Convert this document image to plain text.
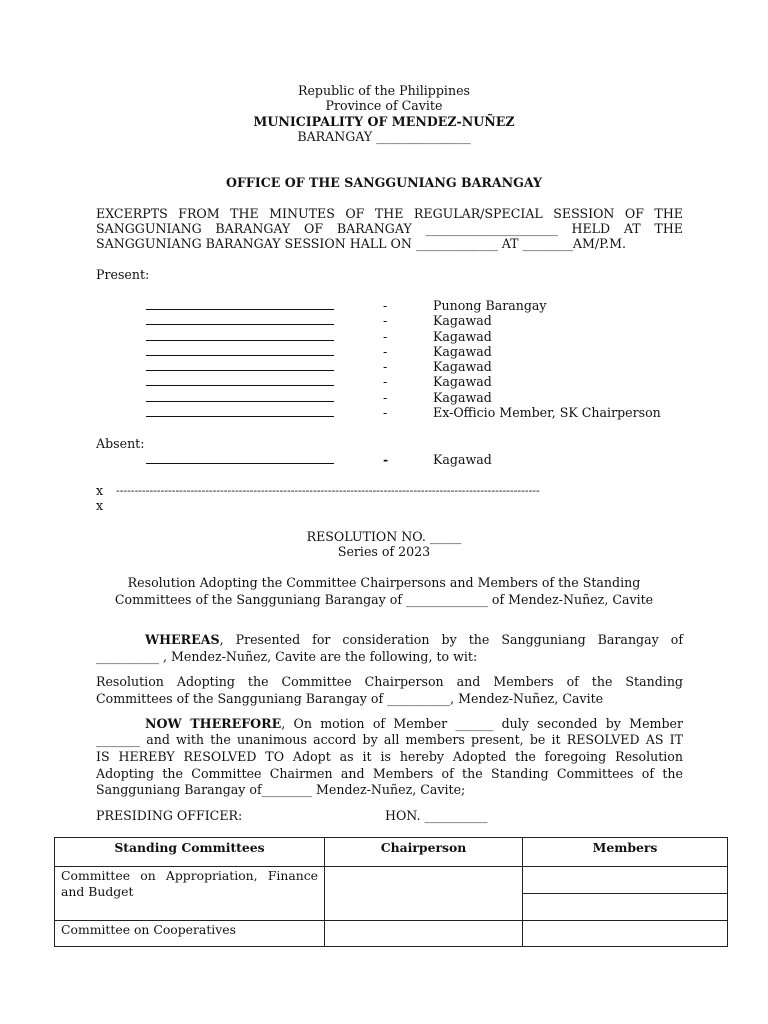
Republic of the Philippines
Province of Cavite
MUNICIPALITY OF MENDEZ-NUÑEZ
BARANGAY _______________
OFFICE OF THE SANGGUNIANG BARANGAY
EXCERPTS FROM THE MINUTES OF THE REGULAR/SPECIAL SESSION OF THE
SANGGUNIANG BARANGAY OF BARANGAY _____________________ HELD AT THE
SANGGUNIANG BARANGAY SESSION HALL ON _____________ AT ________AM/P.M.
Present:
-	Punong Barangay
-	Kagawad
-	Kagawad
-	Kagawad
-	Kagawad
-	Kagawad
-	Kagawad
-	Ex-Officio Member, SK Chairperson
Absent:
-	Kagawad
x ------------------------------------------------------------------------------------------------------------------
x
RESOLUTION NO. _____
Series of 2023
Resolution Adopting the Committee Chairpersons and Members of the Standing
Committees of the Sangguniang Barangay of _____________ of Mendez-Nuñez, Cavite
WHEREAS, Presented for consideration by the Sangguniang Barangay of
__________ , Mendez-Nuñez, Cavite are the following, to wit:
Resolution Adopting the Committee Chairperson and Members of the Standing
Committees of the Sangguniang Barangay of __________, Mendez-Nuñez, Cavite
NOW THEREFORE, On motion of Member ______ duly seconded by Member
_______ and with the unanimous accord by all members present, be it RESOLVED AS IT
IS HEREBY RESOLVED TO Adopt as it is hereby Adopted the foregoing Resolution
Adopting the Committee Chairmen and Members of the Standing Committees of the
Sangguniang Barangay of________ Mendez-Nuñez, Cavite;
PRESIDING OFFICER:	HON. __________
Standing Committees	Chairperson	Members
Committee on Appropriation, Finance and Budget		

Committee on Cooperatives		
